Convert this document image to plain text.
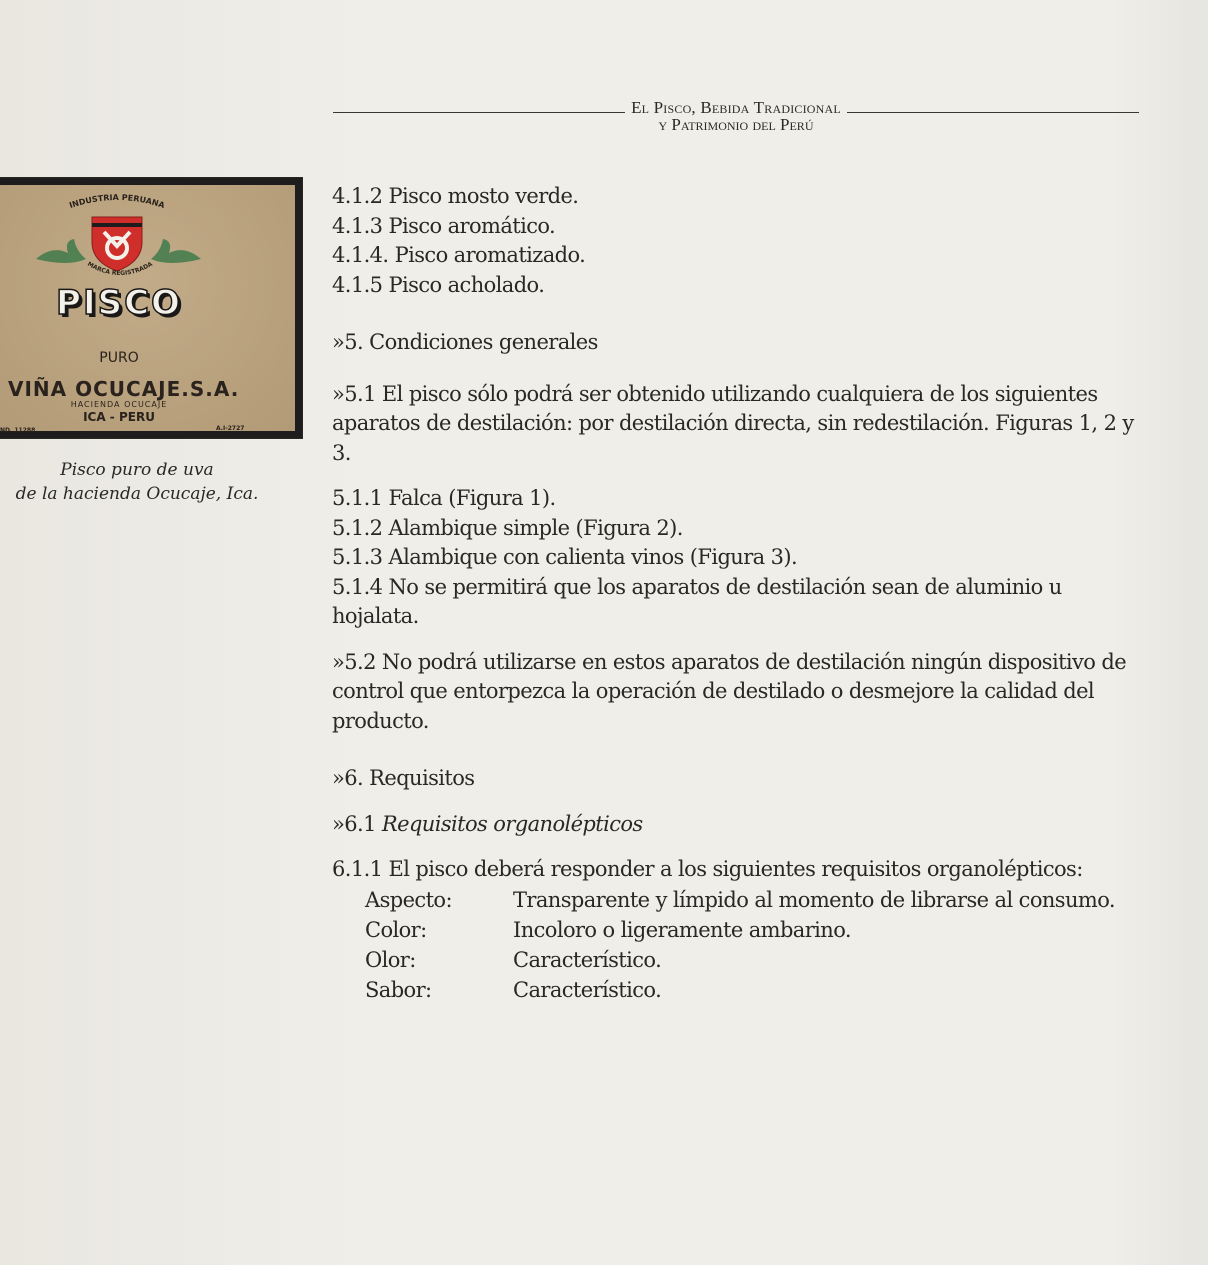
El Pisco, Bebida Tradicional
y Patrimonio del Perú
INDUSTRIA PERUANA
MARCA REGISTRADA
PISCO
PURO
VIÑA OCUCAJE.S.A.
HACIENDA OCUCAJE
ICA - PERU
ND. 11288	A.I-2727
Pisco puro de uva
de la hacienda Ocucaje, Ica.

4.1.2 Pisco mosto verde.

4.1.3 Pisco aromático.

4.1.4. Pisco aromatizado.

4.1.5 Pisco acholado.

»5. Condiciones generales

»5.1 El pisco sólo podrá ser obtenido utilizando cualquiera de los siguientes aparatos de destilación: por destilación directa, sin redestilación. Figuras 1, 2 y 3.

5.1.1 Falca (Figura 1).

5.1.2 Alambique simple (Figura 2).

5.1.3 Alambique con calienta vinos (Figura 3).

5.1.4 No se permitirá que los aparatos de destilación sean de aluminio u hojalata.

»5.2 No podrá utilizarse en estos aparatos de destilación ningún dispositivo de control que entorpezca la operación de destilado o desmejore la calidad del producto.

»6. Requisitos

»6.1 Requisitos organolépticos

6.1.1 El pisco deberá responder a los siguientes requisitos organolépticos:

Aspecto:	Transparente y límpido al momento de librarse al consumo.
Color:	Incoloro o ligeramente ambarino.
Olor:	Característico.
Sabor:	Característico.
